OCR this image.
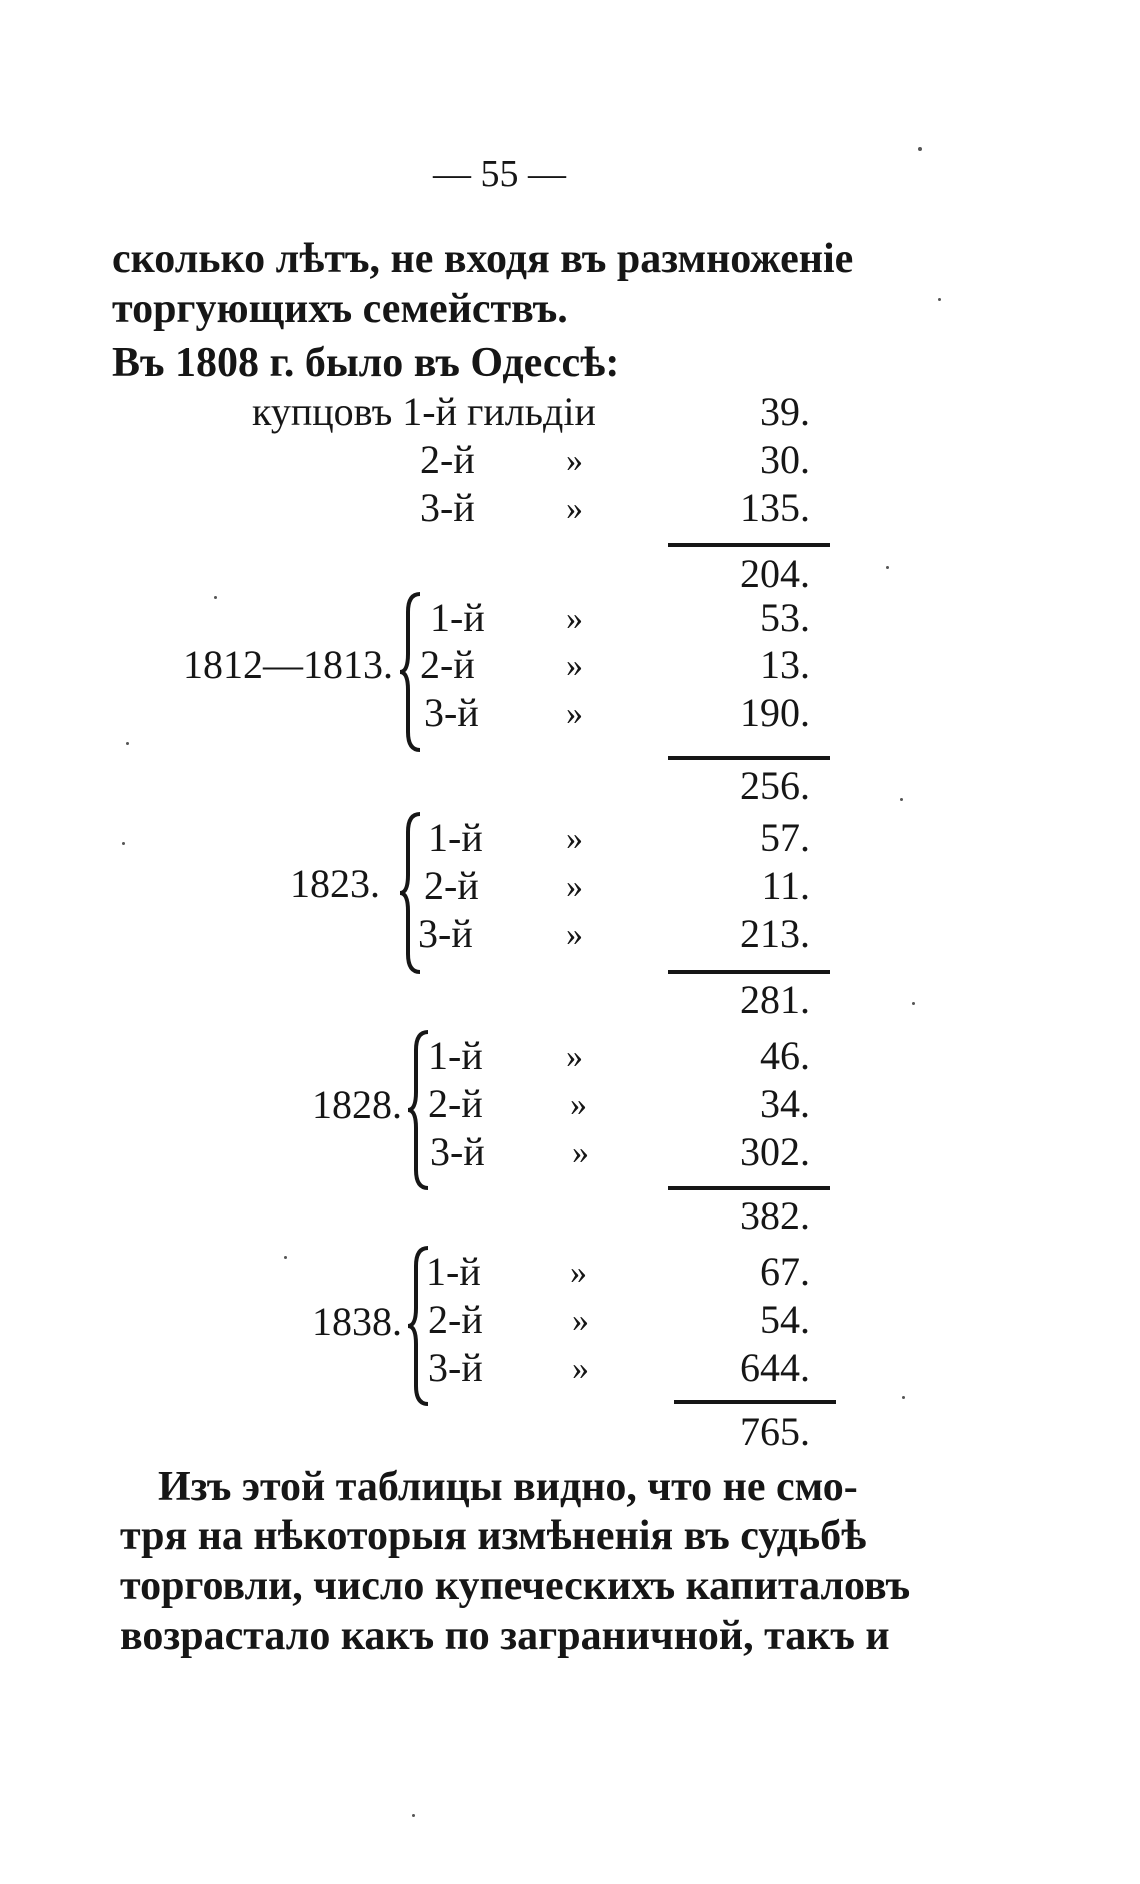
— 55 —
сколько лѣтъ, не входя въ размноженіе
торгующихъ семействъ.
Въ 1808 г. было въ Одессѣ:
купцовъ 1-й гильдіи	39.
2-й	»	30.
3-й	»	135.
204.
1812—1813.
1-й »	53.
2-й	»	13.
3-й	»	190.
256.
1823.
1-й »	57.
2-й	»	11.
3-й	»	213.
281.
1828.
1-й »	46.
2-й	»	34.
3-й	»	302.
382.
1838.
1-й	»	67.
2-й	»	54.
3-й	»	644.
765.
Изъ этой таблицы видно, что не смо-
тря на нѣкоторыя измѣненія въ судьбѣ
торговли, число купеческихъ капиталовъ
возрастало какъ по заграничной, такъ и
